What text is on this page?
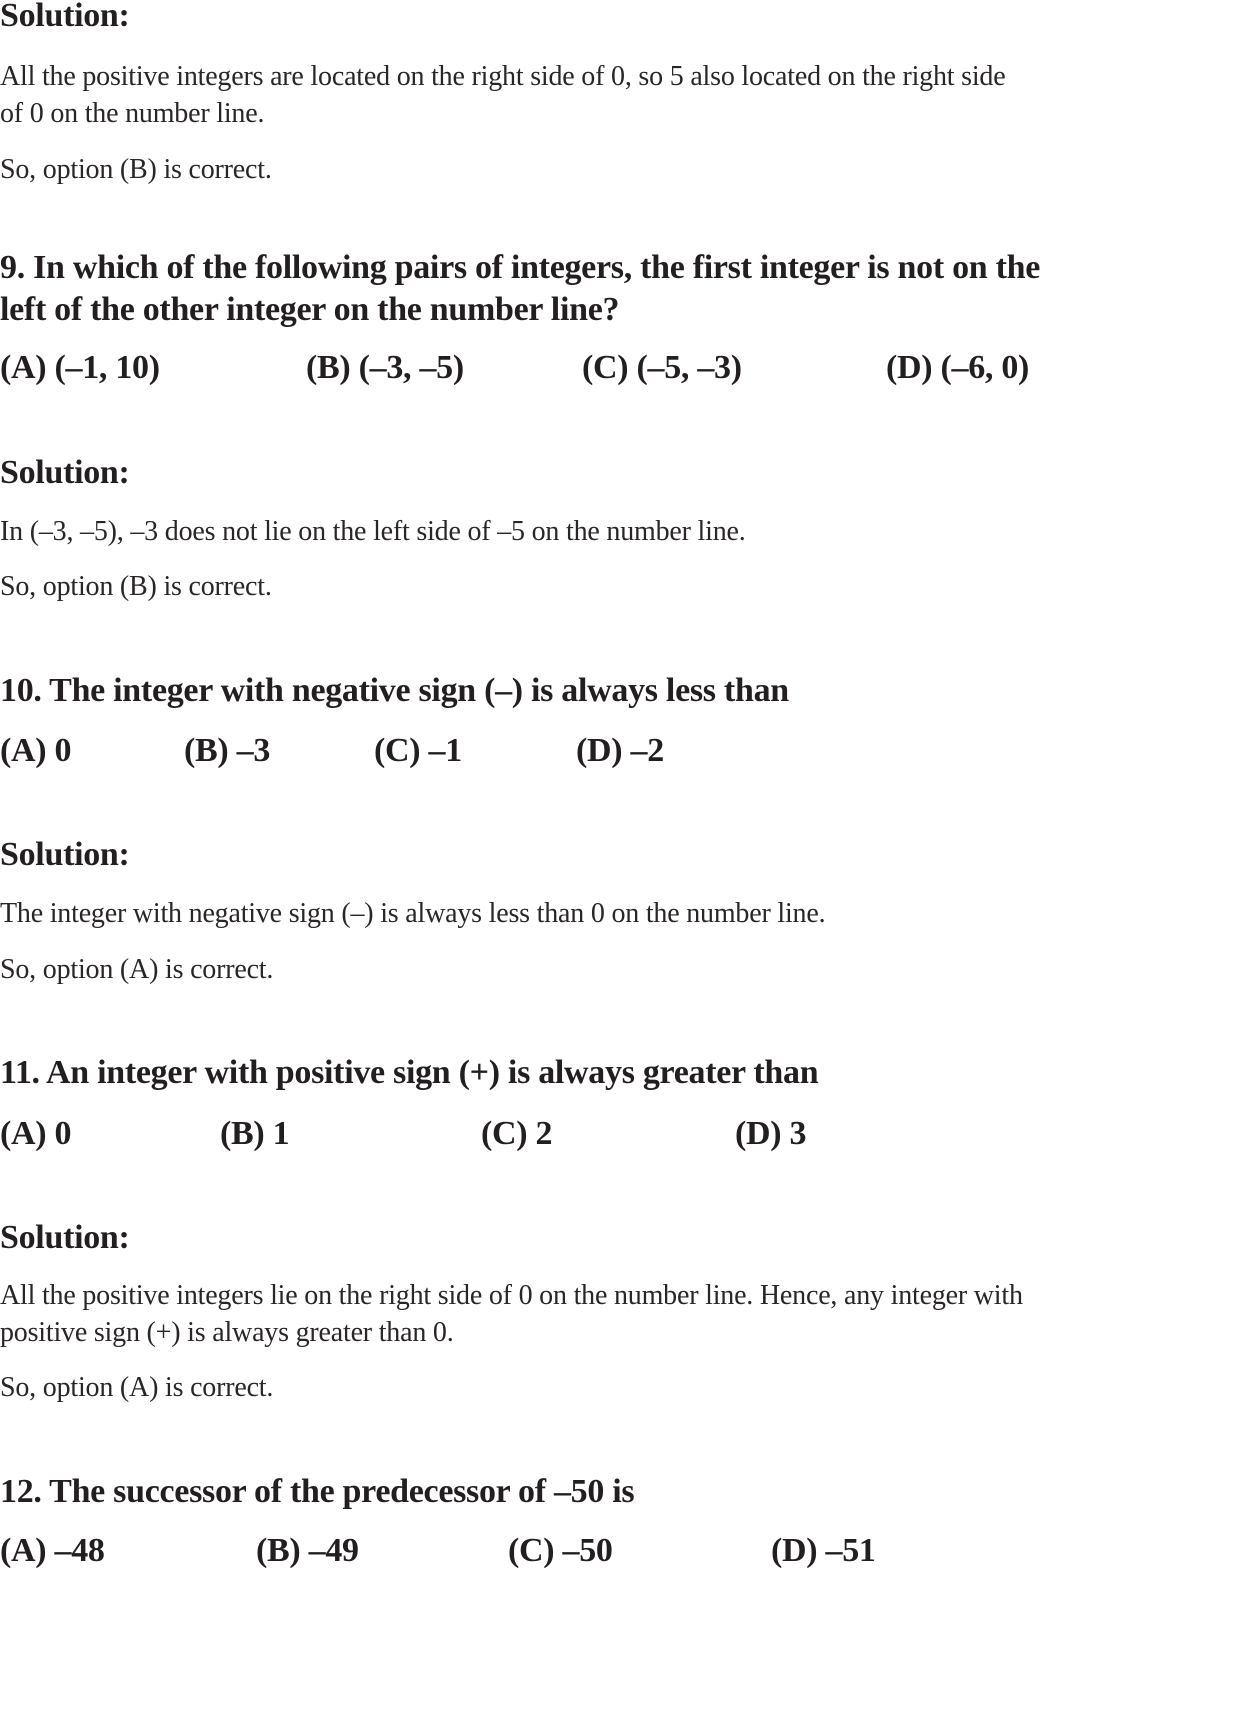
Solution:
All the positive integers are located on the right side of 0, so 5 also located on the right side
of 0 on the number line.
So, option (B) is correct.
9. In which of the following pairs of integers, the first integer is not on the
left of the other integer on the number line?
(A) (–1, 10)	(B) (–3, –5)	(C) (–5, –3)	(D) (–6, 0)
Solution:
In (–3, –5), –3 does not lie on the left side of –5 on the number line.
So, option (B) is correct.
10. The integer with negative sign (–) is always less than
(A) 0	(B) –3	(C) –1	(D) –2
Solution:
The integer with negative sign (–) is always less than 0 on the number line.
So, option (A) is correct.
11. An integer with positive sign (+) is always greater than
(A) 0	(B) 1	(C) 2	(D) 3
Solution:
All the positive integers lie on the right side of 0 on the number line. Hence, any integer with
positive sign (+) is always greater than 0.
So, option (A) is correct.
12. The successor of the predecessor of –50 is
(A) –48	(B) –49	(C) –50	(D) –51
